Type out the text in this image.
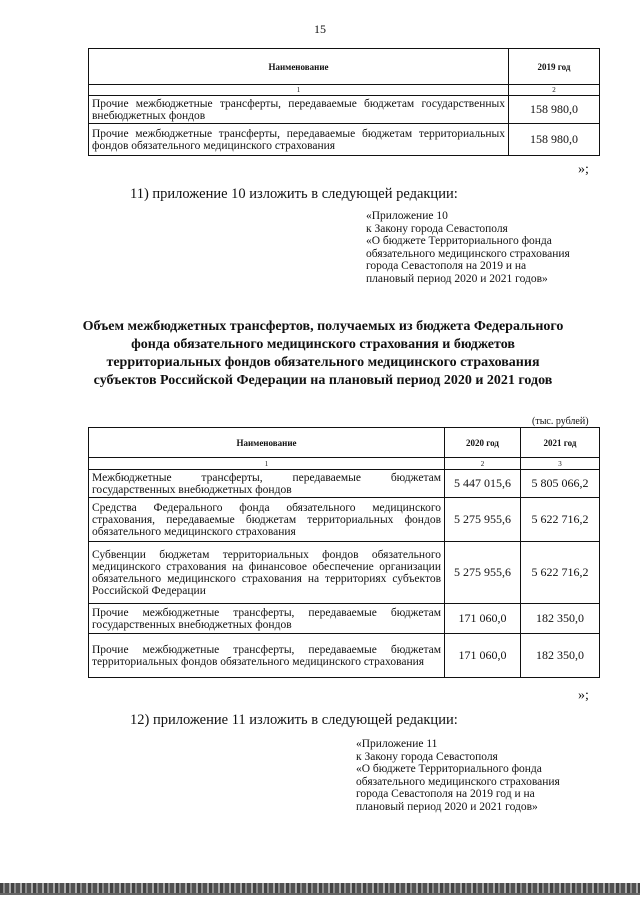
15
Наименование	2019 год
1	2
Прочие межбюджетные трансферты, передаваемые бюджетам государственных внебюджетных фондов	158 980,0
Прочие межбюджетные трансферты, передаваемые бюджетам территориальных фондов обязательного медицинского страхования	158 980,0
»;
11) приложение 10 изложить в следующей редакции:
«Приложение 10
к Закону города Севастополя
«О бюджете Территориального фонда
обязательного медицинского страхования
города Севастополя на 2019 и на
плановый период 2020 и 2021 годов»
Объем межбюджетных трансфертов, получаемых из бюджета Федерального фонда обязательного медицинского страхования и бюджетов территориальных фондов обязательного медицинского страхования субъектов Российской Федерации на плановый период 2020 и 2021 годов
(тыс. рублей)
Наименование	2020 год	2021 год
1	2	3
Межбюджетные трансферты, передаваемые бюджетам государственных внебюджетных фондов	5 447 015,6	5 805 066,2
Средства Федерального фонда обязательного медицинского страхования, передаваемые бюджетам территориальных фондов обязательного медицинского страхования	5 275 955,6	5 622 716,2
Субвенции бюджетам территориальных фондов обязательного медицинского страхования на финансовое обеспечение организации обязательного медицинского страхования на территориях субъектов Российской Федерации	5 275 955,6	5 622 716,2
Прочие межбюджетные трансферты, передаваемые бюджетам государственных внебюджетных фондов	171 060,0	182 350,0
Прочие межбюджетные трансферты, передаваемые бюджетам территориальных фондов обязательного медицинского страхования	171 060,0	182 350,0
»;
12) приложение 11 изложить в следующей редакции:
«Приложение 11
к Закону города Севастополя
«О бюджете Территориального фонда
обязательного медицинского страхования
города Севастополя на 2019 год и на
плановый период 2020 и 2021 годов»
